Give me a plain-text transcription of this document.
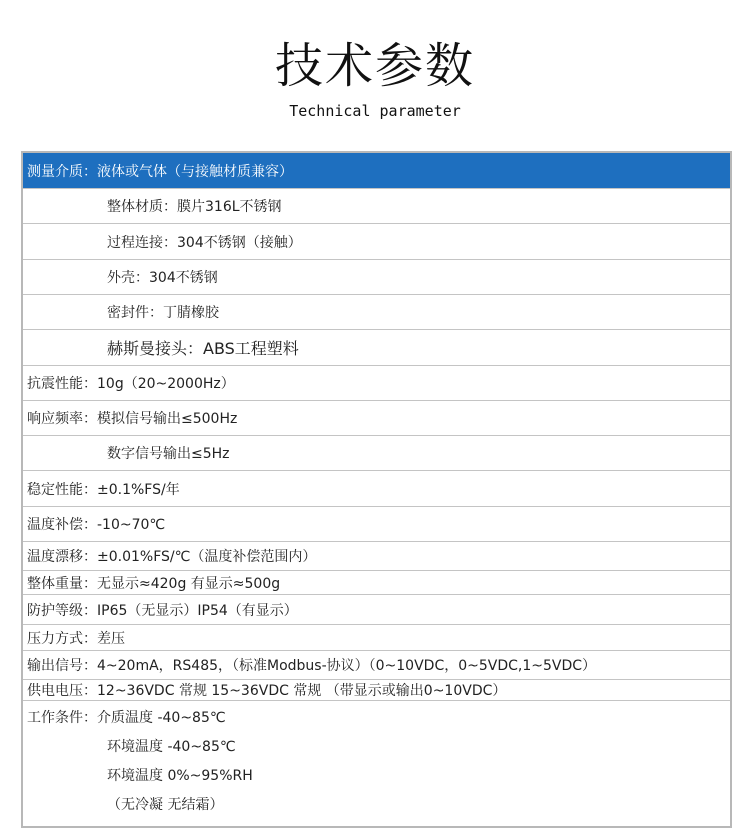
技术参数
Technical parameter
测量介质：液体或气体（与接触材质兼容）
整体材质：膜片316L不锈钢
过程连接：304不锈钢（接触）
外壳：304不锈钢
密封件：丁腈橡胶
赫斯曼接头：ABS工程塑料
抗震性能：10g（20~2000Hz）
响应频率：模拟信号输出≤500Hz
数字信号输出≤5Hz
稳定性能：±0.1%FS/年
温度补偿：-10~70℃
温度漂移：±0.01%FS/℃（温度补偿范围内）
整体重量：无显示≈420g 有显示≈500g
防护等级：IP65（无显示）IP54（有显示）
压力方式：差压
输出信号：4~20mA，RS485，（标准Modbus-协议）（0~10VDC，0~5VDC,1~5VDC）
供电电压：12~36VDC 常规 15~36VDC 常规 （带显示或输出0~10VDC）
工作条件：介质温度 -40~85℃
环境温度 -40~85℃
环境温度 0%~95%RH
（无冷凝 无结霜）
